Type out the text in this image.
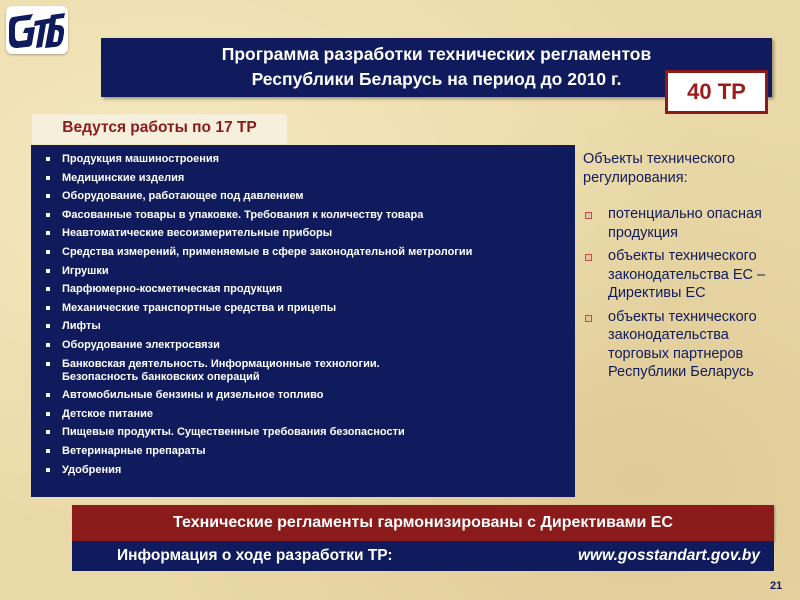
Программа разработки технических регламентов
Республики Беларусь на период до 2010 г.	40 ТР
Ведутся работы по 17 ТР
Продукция машиностроения
Медицинские изделия
Оборудование, работающее под давлением
Фасованные товары в упаковке. Требования к количеству товара
Неавтоматические весоизмерительные приборы
Средства измерений, применяемые в сфере законодательной метрологии
Игрушки
Парфюмерно-косметическая продукция
Механические транспортные средства и прицепы
Лифты
Оборудование электросвязи
Банковская деятельность. Информационные технологии.
Безопасность банковских операций
Автомобильные бензины и дизельное топливо
Детское питание
Пищевые продукты. Существенные требования безопасности
Ветеринарные препараты
Удобрения

Объекты технического регулирования:

потенциально опасная продукция
объекты технического законодательства ЕС – Директивы ЕС
объекты технического законодательства торговых партнеров Республики Беларусь
Технические регламенты гармонизированы с Директивами ЕС
Информация о ходе разработки ТР:	www.gosstandart.gov.by
21
